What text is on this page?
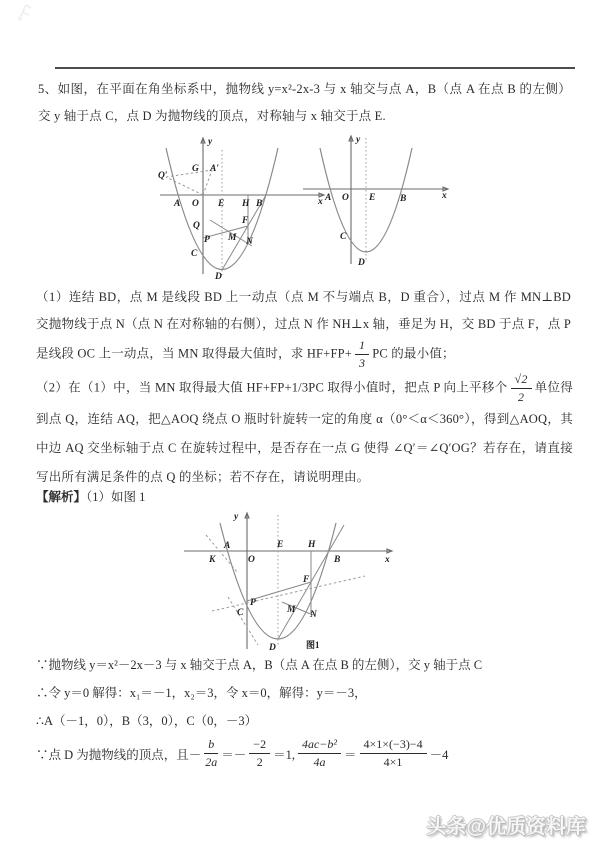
5、如图，在平面在角坐标系中，抛物线 y=x²-2x-3 与 x 轴交与点 A，B（点 A 在点 B 的左侧）交 y 轴于点 C，点 D 为抛物线的顶点，对称轴与 x 轴交于点 E.
y
x
Q′
G A′
A O E H B
Q
P M N
F
C
D
y
x
A O E	B
C
D
（1）连结 BD，点 M 是线段 BD 上一动点（点 M 不与端点 B，D 重合），过点 M 作 MN⊥BD 交抛物线于点 N（点 N 在对称轴的右侧），过点 N 作 NH⊥x 轴，垂足为 H，交 BD 于点 F，点 P 是线段 OC 上一动点，当 MN 取得最大值时，求 $HF+FP+ \frac{1}{3}$ PC 的最小值；
（2）在（1）中，当 MN 取得最大值 HF+FP+1/3PC 取得小值时，把点 P 向上平移个 $\frac{√2}{2}$ 单位得到点 Q，连结 AQ，把△AOQ 绕点 O 瓶时针旋转一定的角度 α（0°＜α＜360°），得到△AOQ，其中边 AQ 交坐标轴于点 C 在旋转过程中，是否存在一点 G 使得 ∠Q′＝∠Q′OG？若存在，请直接写出所有满足条件的点 Q 的坐标；若不存在，请说明理由。
【解析】（1）如图 1
y
x
K
A
O
E	H
B
P
C
F
M N
D	图1
∵抛物线 y＝x²－2x－3 与 x 轴交于点 A，B（点 A 在点 B 的左侧），交 y 轴于点 C
∴令 y＝0 解得：x₁＝－1，x₂＝3，令 x＝0，解得：y＝－3，
∴A（－1，0），B（3，0），C（0，－3）
∵点 D 为抛物线的顶点，且－ $\frac{b}{2a} =- \frac{-2}{2} =1$, $\frac{\text{4ac−b²}}{4a} = \frac{4\times 1\times(-3)-4}{4\times 1} -4$
头条@优质资料库
